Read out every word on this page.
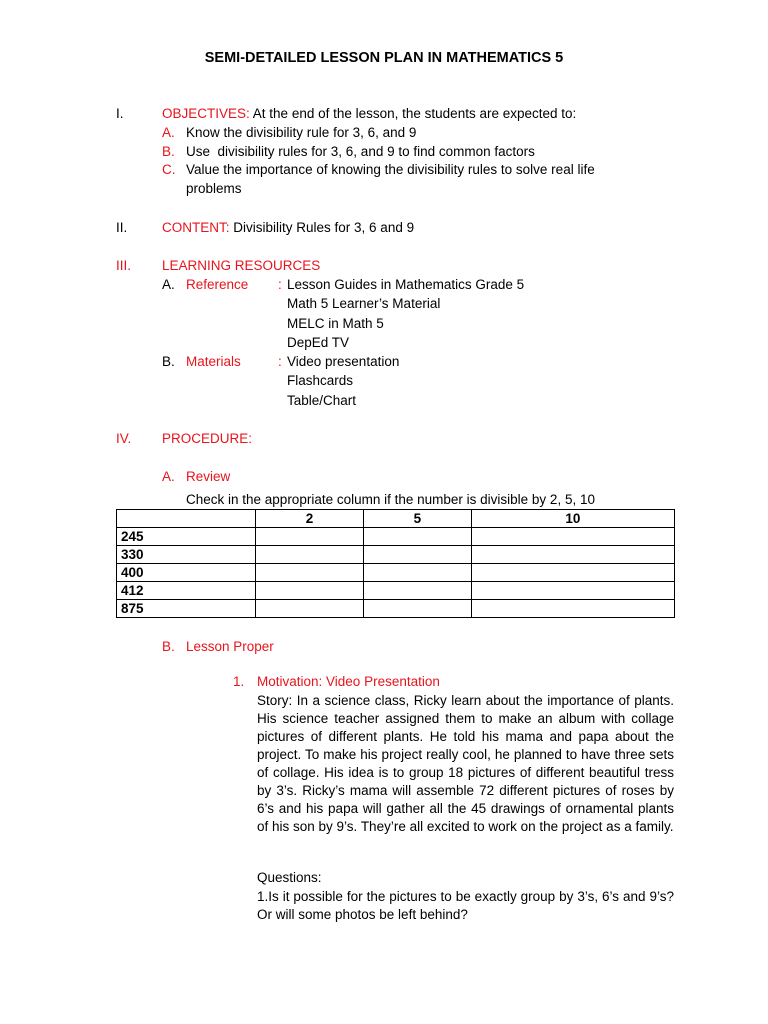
SEMI-DETAILED LESSON PLAN IN MATHEMATICS 5
I.	OBJECTIVES: At the end of the lesson, the students are expected to:
A. Know the divisibility rule for 3, 6, and 9
B. Use  divisibility rules for 3, 6, and 9 to find common factors
C. Value the importance of knowing the divisibility rules to solve real life
problems
II.	CONTENT: Divisibility Rules for 3, 6 and 9
III. LEARNING RESOURCES
A. Reference : Lesson Guides in Mathematics Grade 5
Math 5 Learner’s Material
MELC in Math 5
DepEd TV
B. Materials	: Video presentation
Flashcards
Table/Chart
IV. PROCEDURE:
A. Review
Check in the appropriate column if the number is divisible by 2, 5, 10
	2	5	10
245			
330			
400			
412			
875			
B. Lesson Proper
1. Motivation: Video Presentation
Story: In a science class, Ricky learn about the importance of plants. His science teacher assigned them to make an album with collage pictures of different plants. He told his mama and papa about the project. To make his project really cool, he planned to have three sets of collage. His idea is to group 18 pictures of different beautiful tress by 3’s. Ricky’s mama will assemble 72 different pictures of roses by 6’s and his papa will gather all the 45 drawings of ornamental plants of his son by 9’s. They’re all excited to work on the project as a family.
Questions:
1.Is it possible for the pictures to be exactly group by 3’s, 6’s and 9’s? Or will some photos be left behind?
